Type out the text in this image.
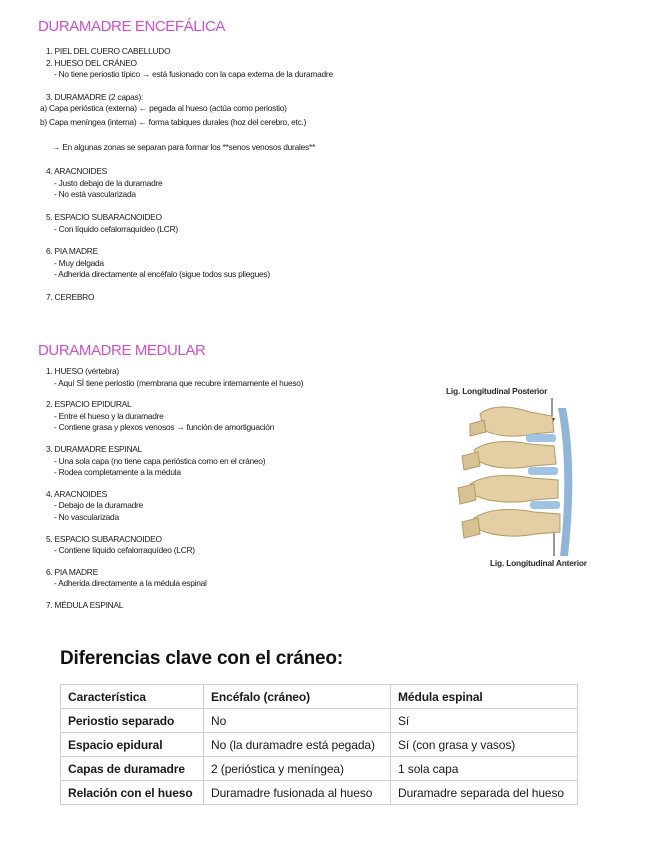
DURAMADRE ENCEFÁLICA
1. PIEL DEL CUERO CABELLUDO
2. HUESO DEL CRÁNEO
- No tiene periostio típico → está fusionado con la capa externa de la duramadre
3. DURAMADRE (2 capas):
a) Capa perióstica (externa) ← pegada al hueso (actúa como periostio)
b) Capa meníngea (interna) ← forma tabiques durales (hoz del cerebro, etc.)
→ En algunas zonas se separan para formar los **senos venosos durales**
4. ARACNOIDES
- Justo debajo de la duramadre
- No está vascularizada
5. ESPACIO SUBARACNOIDEO
- Con líquido cefalorraquídeo (LCR)
6. PIA MADRE
- Muy delgada
- Adherida directamente al encéfalo (sigue todos sus pliegues)
7. CEREBRO
DURAMADRE MEDULAR
1. HUESO (vértebra)
- Aquí SÍ tiene periostio (membrana que recubre internamente el hueso)
2. ESPACIO EPIDURAL
- Entre el hueso y la duramadre
- Contiene grasa y plexos venosos → función de amortiguación
3. DURAMADRE ESPINAL
- Una sola capa (no tiene capa perióstica como en el cráneo)
- Rodea completamente a la médula
4. ARACNOIDES
- Debajo de la duramadre
- No vascularizada
5. ESPACIO SUBARACNOIDEO
- Contiene líquido cefalorraquídeo (LCR)
6. PIA MADRE
- Adherida directamente a la médula espinal
7. MÉDULA ESPINAL
Lig. Longitudinal Posterior
Lig. Longitudinal Anterior
Diferencias clave con el cráneo:
Característica	Encéfalo (cráneo)	Médula espinal
Periostio separado	No	Sí
Espacio epidural	No (la duramadre está pegada)	Sí (con grasa y vasos)
Capas de duramadre	2 (perióstica y meníngea)	1 sola capa
Relación con el hueso	Duramadre fusionada al hueso	Duramadre separada del hueso
